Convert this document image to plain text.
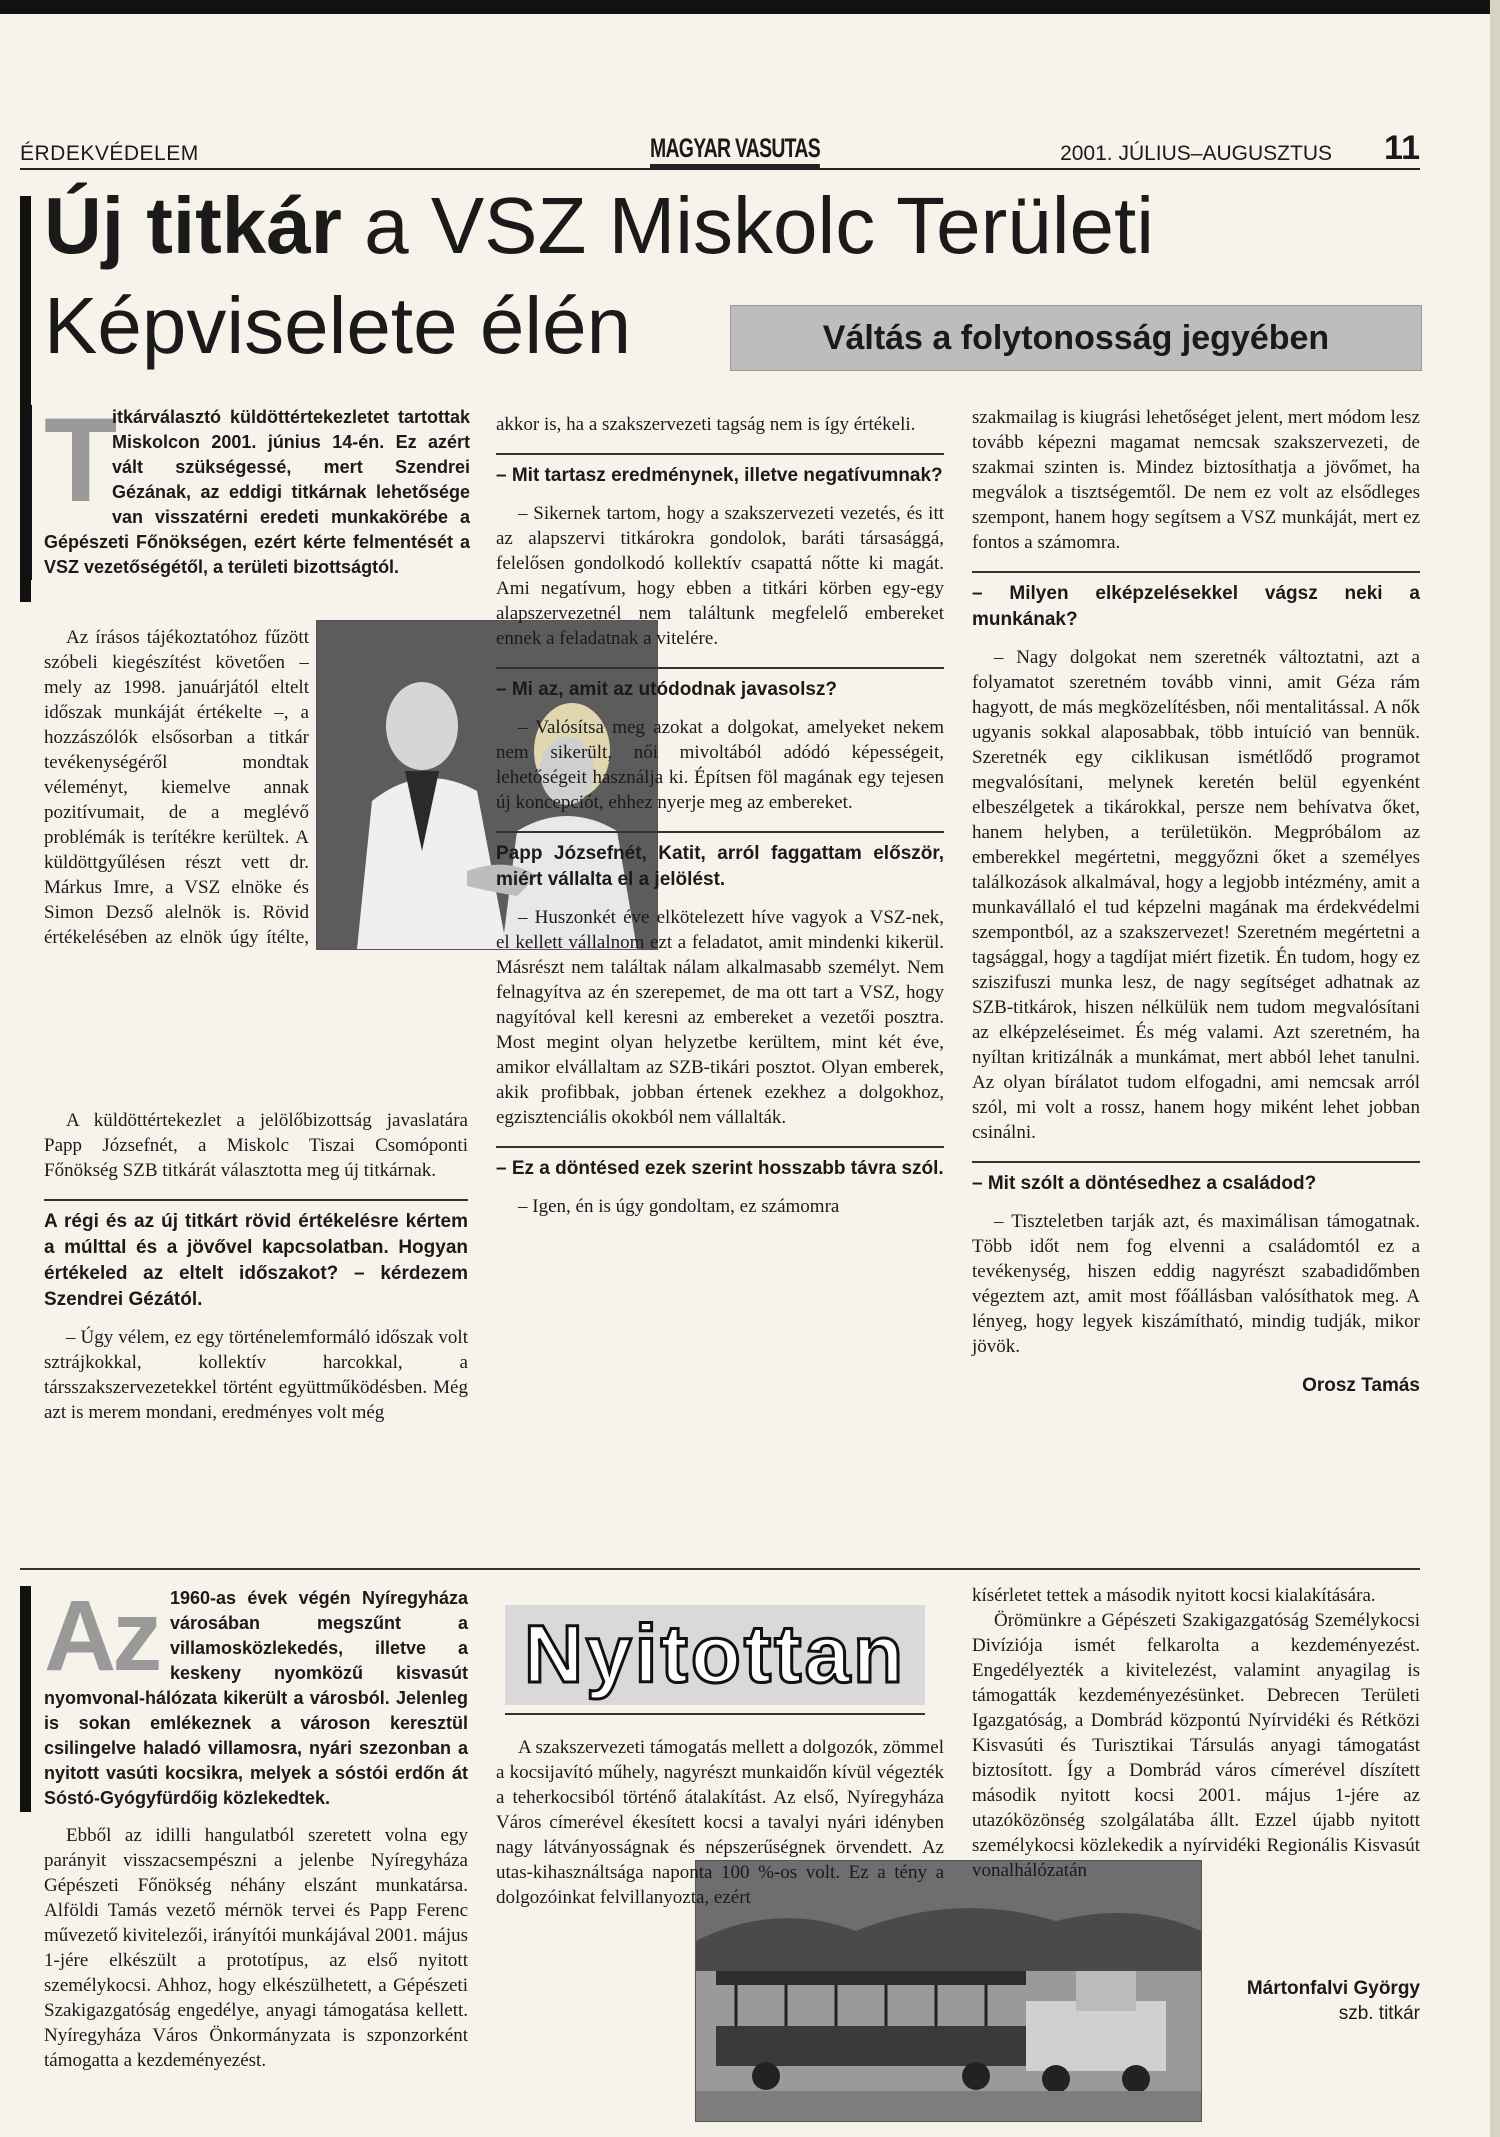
ÉRDEKVÉDELEM	MAGYAR VASUTAS	2001. JÚLIUS–AUGUSZTUS 11
Új titkár a VSZ Miskolc Területi
Képviselete élén	Váltás a folytonosság jegyében
T
itkárválasztó küldöttértekezletet tartottak Miskolcon 2001. június 14-én. Ez azért vált szükségessé, mert Szendrei Gézának, az eddigi titkárnak lehetősége van visszatérni eredeti munkakörébe a Gépészeti Főnökségen, ezért kérte felmentését a VSZ vezetőségétől, a területi bizottságtól.

Az írásos tájékoztatóhoz fűzött szóbeli kiegészítést követően – mely az 1998. januárjától eltelt időszak munkáját értékelte –, a hozzászólók elsősorban a titkár tevékenységéről mondtak véleményt, kiemelve annak pozitívumait, de a meglévő problémák is terítékre kerültek. A küldöttgyűlésen részt vett dr. Márkus Imre, a VSZ elnöke és Simon Dezső alelnök is. Rövid értékelésében az elnök úgy ítélte,

A küldöttértekezlet a jelölőbizottság javaslatára Papp Józsefnét, a Miskolc Tiszai Csomóponti Főnökség SZB titkárát választotta meg új titkárnak.

A régi és az új titkárt rövid értékelésre kértem a múlttal és a jövővel kapcsolatban. Hogyan értékeled az eltelt időszakot? – kérdezem Szendrei Gézától.

– Úgy vélem, ez egy történelemformáló időszak volt sztrájkokkal, kollektív harcokkal, a társszakszervezetekkel történt együttműködésben. Még azt is merem mondani, eredményes volt még

akkor is, ha a szakszervezeti tagság nem is így értékeli.

– Mit tartasz eredménynek, illetve negatívumnak?

– Sikernek tartom, hogy a szakszervezeti vezetés, és itt az alapszervi titkárokra gondolok, baráti társasággá, felelősen gondolkodó kollektív csapattá nőtte ki magát. Ami negatívum, hogy ebben a titkári körben egy-egy alapszervezetnél nem találtunk megfelelő embereket ennek a feladatnak a vitelére.

– Mi az, amit az utódodnak javasolsz?

– Valósítsa meg azokat a dolgokat, amelyeket nekem nem sikerült, női mivoltából adódó képességeit, lehetőségeit használja ki. Építsen föl magának egy tejesen új koncepciót, ehhez nyerje meg az embereket.

Papp Józsefnét, Katit, arról faggattam először, miért vállalta el a jelölést.

– Huszonkét éve elkötelezett híve vagyok a VSZ-nek, el kellett vállalnom ezt a feladatot, amit mindenki kikerül. Másrészt nem találtak nálam alkalmasabb személyt. Nem felnagyítva az én szerepemet, de ma ott tart a VSZ, hogy nagyítóval kell keresni az embereket a vezetői posztra. Most megint olyan helyzetbe kerültem, mint két éve, amikor elvállaltam az SZB-tikári posztot. Olyan emberek, akik profibbak, jobban értenek ezekhez a dolgokhoz, egzisztenciális okokból nem vállalták.

– Ez a döntésed ezek szerint hosszabb távra szól.

– Igen, én is úgy gondoltam, ez számomra

szakmailag is kiugrási lehetőséget jelent, mert módom lesz tovább képezni magamat nemcsak szakszervezeti, de szakmai szinten is. Mindez biztosíthatja a jövőmet, ha megválok a tisztségemtől. De nem ez volt az elsődleges szempont, hanem hogy segítsem a VSZ munkáját, mert ez fontos a számomra.

– Milyen elképzelésekkel vágsz neki a munkának?

– Nagy dolgokat nem szeretnék változtatni, azt a folyamatot szeretném tovább vinni, amit Géza rám hagyott, de más megközelítésben, női mentalitással. A nők ugyanis sokkal alaposabbak, több intuíció van bennük. Szeretnék egy ciklikusan ismétlődő programot megvalósítani, melynek keretén belül egyenként elbeszélgetek a tikárokkal, persze nem behívatva őket, hanem helyben, a területükön. Megpróbálom az emberekkel megértetni, meggyőzni őket a személyes találkozások alkalmával, hogy a legjobb intézmény, amit a munkavállaló el tud képzelni magának ma érdekvédelmi szempontból, az a szakszervezet! Szeretném megértetni a tagsággal, hogy a tagdíjat miért fizetik. Én tudom, hogy ez sziszifuszi munka lesz, de nagy segítséget adhatnak az SZB-titkárok, hiszen nélkülük nem tudom megvalósítani az elképzeléseimet. És még valami. Azt szeretném, ha nyíltan kritizálnák a munkámat, mert abból lehet tanulni. Az olyan bírálatot tudom elfogadni, ami nemcsak arról szól, mi volt a rossz, hanem hogy miként lehet jobban csinálni.

– Mit szólt a döntésedhez a családod?

– Tiszteletben tarják azt, és maximálisan támogatnak. Több időt nem fog elvenni a családomtól ez a tevékenység, hiszen eddig nagyrészt szabadidőmben végeztem azt, amit most főállásban valósíthatok meg. A lényeg, hogy legyek kiszámítható, mindig tudják, mikor jövök.

Orosz Tamás
Az 1960-as évek végén Nyíregyháza városában megszűnt a villamosközlekedés, illetve a keskeny nyomközű kisvasút nyomvonal-hálózata kikerült a városból. Jelenleg is sokan emlékeznek a városon keresztül csilingelve haladó villamosra, nyári szezonban a nyitott vasúti kocsikra, melyek a sóstói erdőn át Sóstó-Gyógyfürdőig közlekedtek.

Ebből az idilli hangulatból szeretett volna egy parányit visszacsempészni a jelenbe Nyíregyháza Gépészeti Főnökség néhány elszánt munkatársa. Alföldi Tamás vezető mérnök tervei és Papp Ferenc művezető kivitelezői, irányítói munkájával 2001. május 1-jére elkészült a prototípus, az első nyitott személykocsi. Ahhoz, hogy elkészülhetett, a Gépészeti Szakigazgatóság engedélye, anyagi támogatása kellett. Nyíregyháza Város Önkormányzata is szponzorként támogatta a kezdeményezést.

Nyitottan

A szakszervezeti támogatás mellett a dolgozók, zömmel a kocsijavító műhely, nagyrészt munkaidőn kívül végezték a teherkocsiból történő átalakítást. Az első, Nyíregyháza Város címerével ékesített kocsi a tavalyi nyári idényben nagy látványosságnak és népszerűségnek örvendett. Az utas-kihasználtsága naponta 100 %-os volt. Ez a tény a dolgozóinkat felvillanyozta, ezért

kísérletet tettek a második nyitott kocsi kialakítására.

Örömünkre a Gépészeti Szakigazgatóság Személykocsi Divíziója ismét felkarolta a kezdeményezést. Engedélyezték a kivitelezést, valamint anyagilag is támogatták kezdeményezésünket. Debrecen Területi Igazgatóság, a Dombrád központú Nyírvidéki és Rétközi Kisvasúti és Turisztikai Társulás anyagi támogatást biztosított. Így a Dombrád város címerével díszített második nyitott kocsi 2001. május 1-jére az utazóközönség szolgálatába állt. Ezzel újabb nyitott személykocsi közlekedik a nyírvidéki Regionális Kisvasút vonalhálózatán

Mártonfalvi György
szb. titkár
